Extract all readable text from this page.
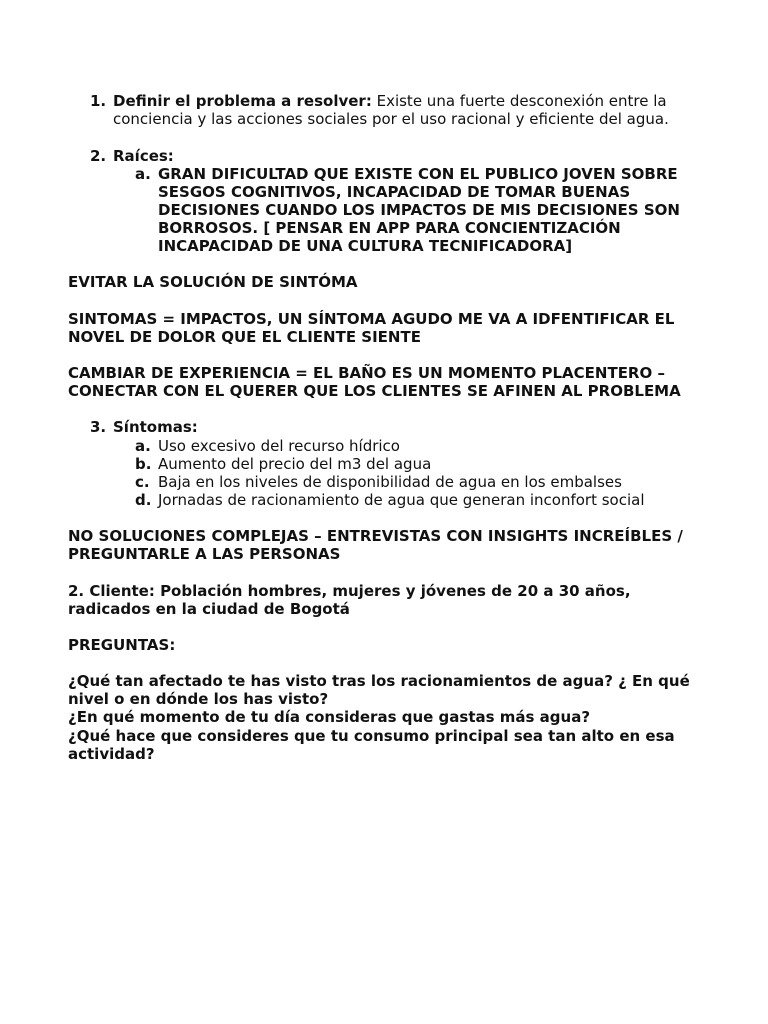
1. Definir el problema a resolver: Existe una fuerte desconexión entre la conciencia y las acciones sociales por el uso racional y eficiente del agua.
2. Raíces:
a. GRAN DIFICULTAD QUE EXISTE CON EL PUBLICO JOVEN SOBRE SESGOS COGNITIVOS, INCAPACIDAD DE TOMAR BUENAS DECISIONES CUANDO LOS IMPACTOS DE MIS DECISIONES SON BORROSOS. [ PENSAR EN APP PARA CONCIENTIZACIÓN INCAPACIDAD DE UNA CULTURA TECNIFICADORA]
EVITAR LA SOLUCIÓN DE SINTÓMA
SINTOMAS = IMPACTOS, UN SÍNTOMA AGUDO ME VA A IDFENTIFICAR EL NOVEL DE DOLOR QUE EL CLIENTE SIENTE
CAMBIAR DE EXPERIENCIA = EL BAÑO ES UN MOMENTO PLACENTERO – CONECTAR CON EL QUERER QUE LOS CLIENTES SE AFINEN AL PROBLEMA
3. Síntomas:
a. Uso excesivo del recurso hídrico
b. Aumento del precio del m3 del agua
c. Baja en los niveles de disponibilidad de agua en los embalses
d. Jornadas de racionamiento de agua que generan inconfort social
NO SOLUCIONES COMPLEJAS – ENTREVISTAS CON INSIGHTS INCREÍBLES / PREGUNTARLE A LAS PERSONAS
2. Cliente: Población hombres, mujeres y jóvenes de 20 a 30 años, radicados en la ciudad de Bogotá
PREGUNTAS:
¿Qué tan afectado te has visto tras los racionamientos de agua? ¿ En qué nivel o en dónde los has visto?
¿En qué momento de tu día consideras que gastas más agua?
¿Qué hace que consideres que tu consumo principal sea tan alto en esa actividad?
